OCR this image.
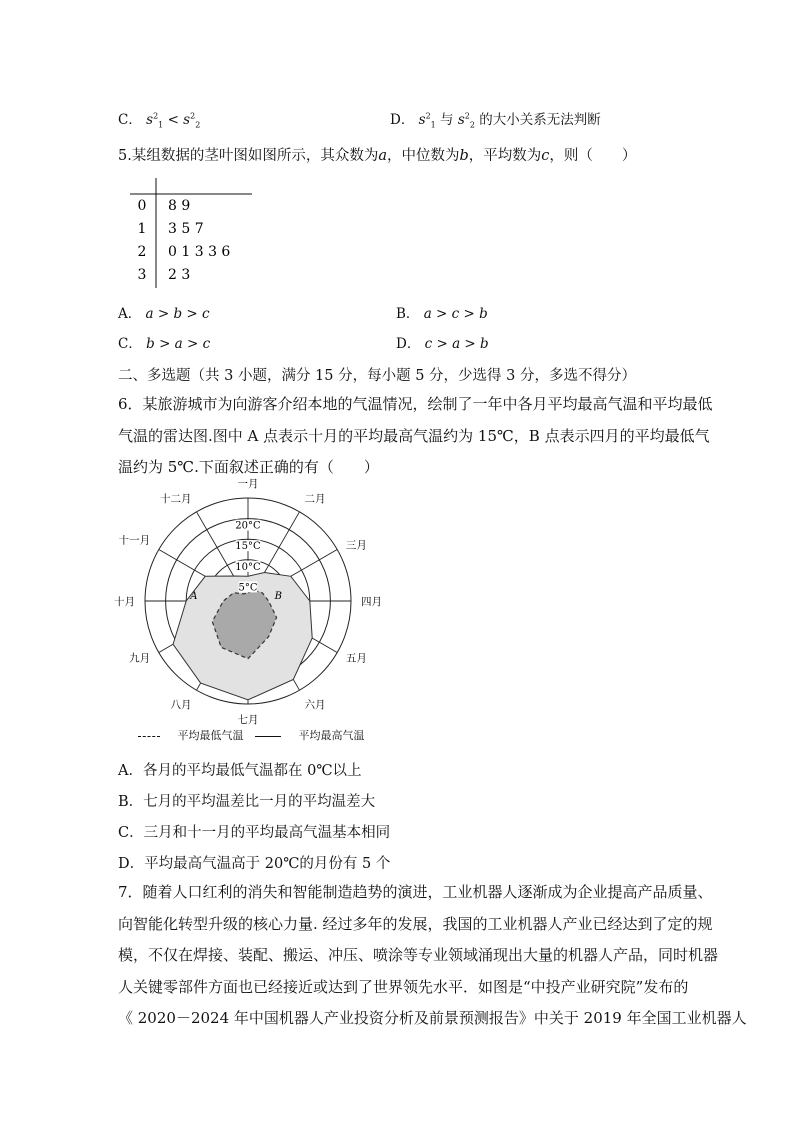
C． $s^2_1 < s^2_2$	D． $s^2_1$ 与 $s^2_2$ 的大小关系无法判断
5.某组数据的茎叶图如图所示，其众数为a，中位数为b，平均数为c，则（　　）
0 8 9
1 3 5 7
2 0 1 3 3 6
3 2 3
A． a > b > c	B． a > c > b
C． b > a > c	D． c > a > b
二、多选题（共 3 小题，满分 15 分，每小题 5 分，少选得 3 分，多选不得分）

6．某旅游城市为向游客介绍本地的气温情况，绘制了一年中各月平均最高气温和平均最低

气温的雷达图.图中 A 点表示十月的平均最高气温约为 15℃，B 点表示四月的平均最低气

温约为 5℃.下面叙述正确的有（　　）

5°C
10°C
15°C
20°C
一月
二月
三月
四月
五月
六月
七月
八月
九月
十月
十一月
十二月
A	B
平均最低气温	平均最高气温
A．各月的平均最低气温都在 0℃以上
B．七月的平均温差比一月的平均温差大
C．三月和十一月的平均最高气温基本相同
D．平均最高气温高于 20℃的月份有 5 个

7．随着人口红利的消失和智能制造趋势的演进，工业机器人逐渐成为企业提高产品质量、

向智能化转型升级的核心力量. 经过多年的发展，我国的工业机器人产业已经达到了定的规

模，不仅在焊接、装配、搬运、冲压、喷涂等专业领域涌现出大量的机器人产品，同时机器

人关键零部件方面也已经接近或达到了世界领先水平．如图是“中投产业研究院”发布的

《 2020－2024 年中国机器人产业投资分析及前景预测报告》中关于 2019 年全国工业机器人
